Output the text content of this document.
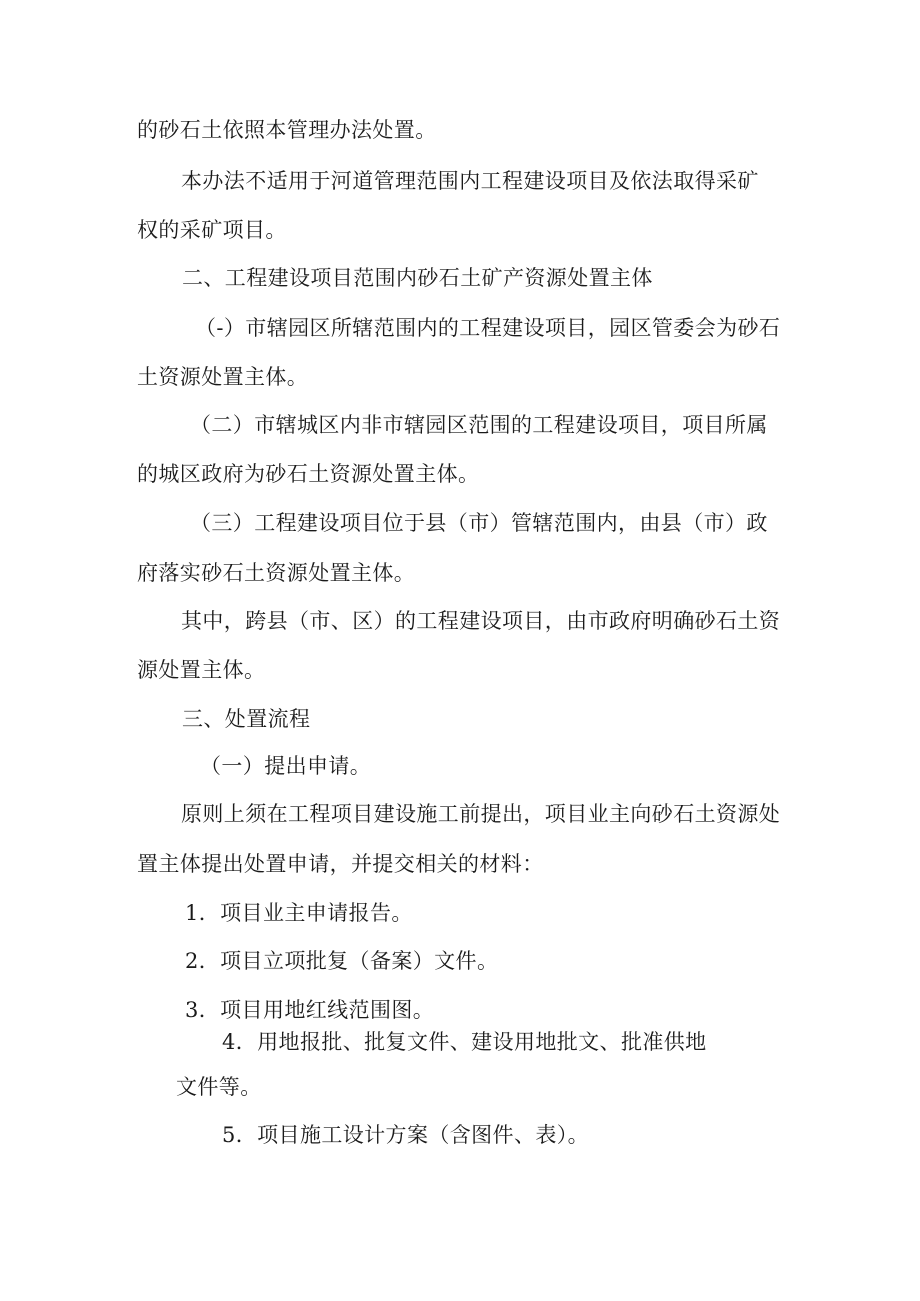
的砂石土依照本管理办法处置。
本办法不适用于河道管理范围内工程建设项目及依法取得采矿
权的采矿项目。
二、工程建设项目范围内砂石土矿产资源处置主体
（-）市辖园区所辖范围内的工程建设项目，园区管委会为砂石
土资源处置主体。
（二）市辖城区内非市辖园区范围的工程建设项目，项目所属
的城区政府为砂石土资源处置主体。
（三）工程建设项目位于县（市）管辖范围内，由县（市）政
府落实砂石土资源处置主体。
其中，跨县（市、区）的工程建设项目，由市政府明确砂石土资
源处置主体。
三、处置流程
（一）提出申请。
原则上须在工程项目建设施工前提出，项目业主向砂石土资源处
置主体提出处置申请，并提交相关的材料：
1．项目业主申请报告。
2．项目立项批复（备案）文件。
3．项目用地红线范围图。
4．用地报批、批复文件、建设用地批文、批准供地
文件等。
5．项目施工设计方案（含图件、表）。
